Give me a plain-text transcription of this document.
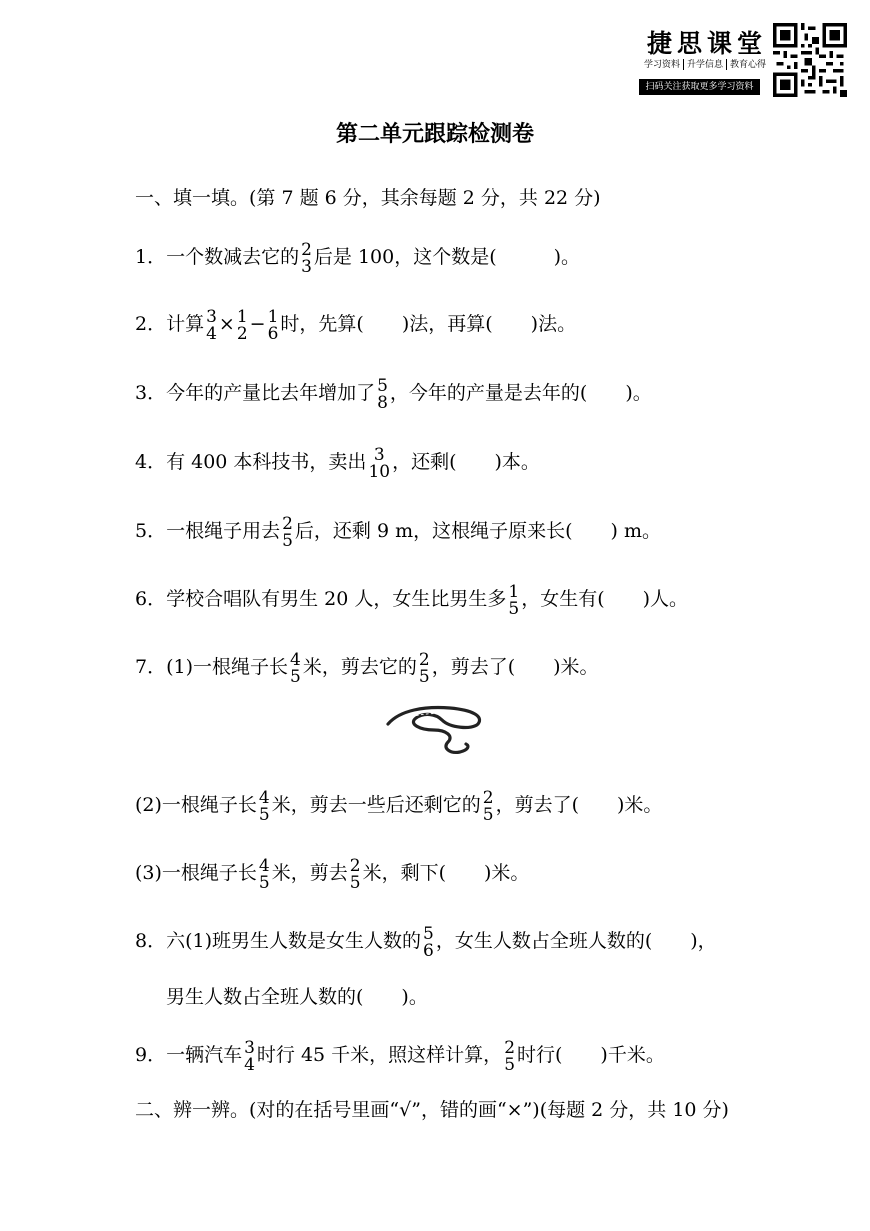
捷思课堂
学习资料 升学信息 教育心得
扫码关注获取更多学习资料
第二单元跟踪检测卷
一、填一填。(第 7 题 6 分，其余每题 2 分，共 22 分)
1．一个数减去它的 2
3 后是 100，这个数是(　　　)。
2．计算 3
4 × 1
2 − 1
6 时，先算(　　)法，再算(　　)法。
3．今年的产量比去年增加了 5
8 ，今年的产量是去年的(　　)。
4．有 400 本科技书，卖出 3
10 ，还剩(　　)本。
5．一根绳子用去 2
5 后，还剩 9 m，这根绳子原来长(　　) m。
6．学校合唱队有男生 20 人，女生比男生多 1
5 ，女生有(　　)人。
7．(1)一根绳子长 4
5 米，剪去它的 2
5 ，剪去了(　　)米。
(2)一根绳子长 4
5 米，剪去一些后还剩它的 2
5 ，剪去了(　　)米。
(3)一根绳子长 4
5 米，剪去 2
5 米，剩下(　　)米。
8．六(1)班男生人数是女生人数的 5
6 ，女生人数占全班人数的(　　)，
男生人数占全班人数的(　　)。
9．一辆汽车 3
4 时行 45 千米，照这样计算， 2
5 时行(　　)千米。
二、辨一辨。(对的在括号里画“√”，错的画“×”)(每题 2 分，共 10 分)
